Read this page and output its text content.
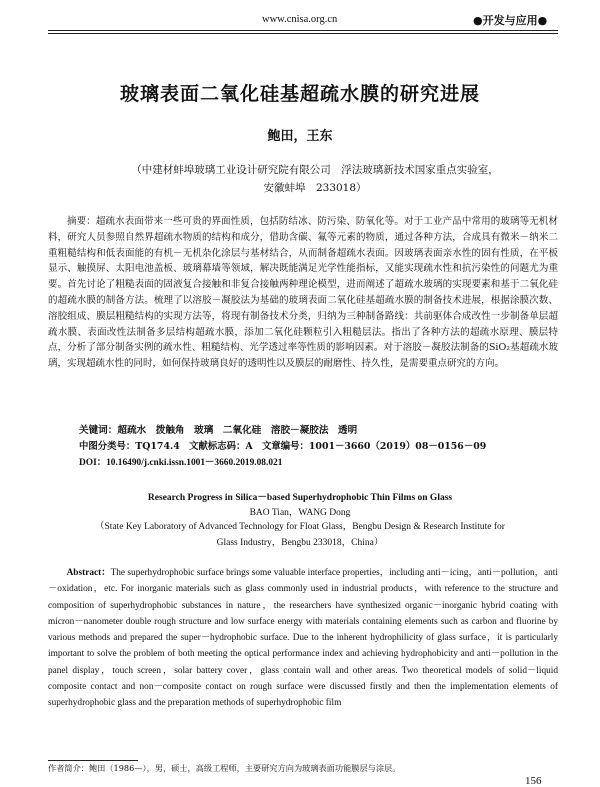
www.cnisa.org.cn	●开发与应用●
玻璃表面二氧化硅基超疏水膜的研究进展
鲍田，王东
（中建材蚌埠玻璃工业设计研究院有限公司　浮法玻璃新技术国家重点实验室，
安徽蚌埠　233018）
摘要：超疏水表面带来一些可贵的界面性质，包括防结冰、防污染、防氧化等。对于工业产品中常用的玻璃等无机材料，研究人员参照自然界超疏水物质的结构和成分，借助含碳、氟等元素的物质，通过各种方法，合成具有微米－纳米二重粗糙结构和低表面能的有机－无机杂化涂层与基材结合，从而制备超疏水表面。因玻璃表面亲水性的固有性质，在平板显示、触摸屏、太阳电池盖板、玻璃幕墙等领域，解决既能满足光学性能指标，又能实现疏水性和抗污染性的问题尤为重要。首先讨论了粗糙表面的固液复合接触和非复合接触两种理论模型，进而阐述了超疏水玻璃的实现要素和基于二氧化硅的超疏水膜的制备方法。梳理了以溶胶－凝胶法为基础的玻璃表面二氧化硅基超疏水膜的制备技术进展，根据涂膜次数、溶胶组成、膜层粗糙结构的实现方法等，将现有制备技术分类，归纳为三种制备路线：共前驱体合成改性一步制备单层超疏水膜、表面改性法制备多层结构超疏水膜，添加二氧化硅颗粒引入粗糙层法。指出了各种方法的超疏水原理、膜层特点，分析了部分制备实例的疏水性、粗糙结构、光学透过率等性质的影响因素。对于溶胶－凝胶法制备的SiO₂基超疏水玻璃，实现超疏水性的同时，如何保持玻璃良好的透明性以及膜层的耐磨性、持久性，是需要重点研究的方向。
关键词：超疏水　拨触角　玻璃　二氧化硅　溶胶－凝胶法　透明
中图分类号：TQ174.4　文献标志码：A　文章编号：1001－3660（2019）08－0156－09
DOI：10.16490/j.cnki.issn.1001－3660.2019.08.021
Research Progress in Silica－based Superhydrophobic Thin Films on Glass
BAO Tian，WANG Dong
（State Key Laboratory of Advanced Technology for Float Glass，Bengbu Design & Research Institute for
Glass Industry，Bengbu 233018，China）
Abstract：The superhydrophobic surface brings some valuable interface properties，including anti－icing，anti－pollution，anti－oxidation，etc. For inorganic materials such as glass commonly used in industrial products，with reference to the structure and composition of superhydrophobic substances in nature，the researchers have synthesized organic－inorganic hybrid coating with micron－nanometer double rough structure and low surface energy with materials containing elements such as carbon and fluorine by various methods and prepared the super－hydrophobic surface. Due to the inherent hydrophilicity of glass surface，it is particularly important to solve the problem of both meeting the optical performance index and achieving hydrophobicity and anti－pollution in the panel display，touch screen，solar battery cover，glass contain wall and other areas. Two theoretical models of solid－liquid composite contact and non－composite contact on rough surface were discussed firstly and then the implementation elements of superhydrophobic glass and the preparation methods of superhydrophobic film
作者简介：鲍田（1986—），男，硕士，高级工程师，主要研究方向为玻璃表面功能膜层与涂层。
156
